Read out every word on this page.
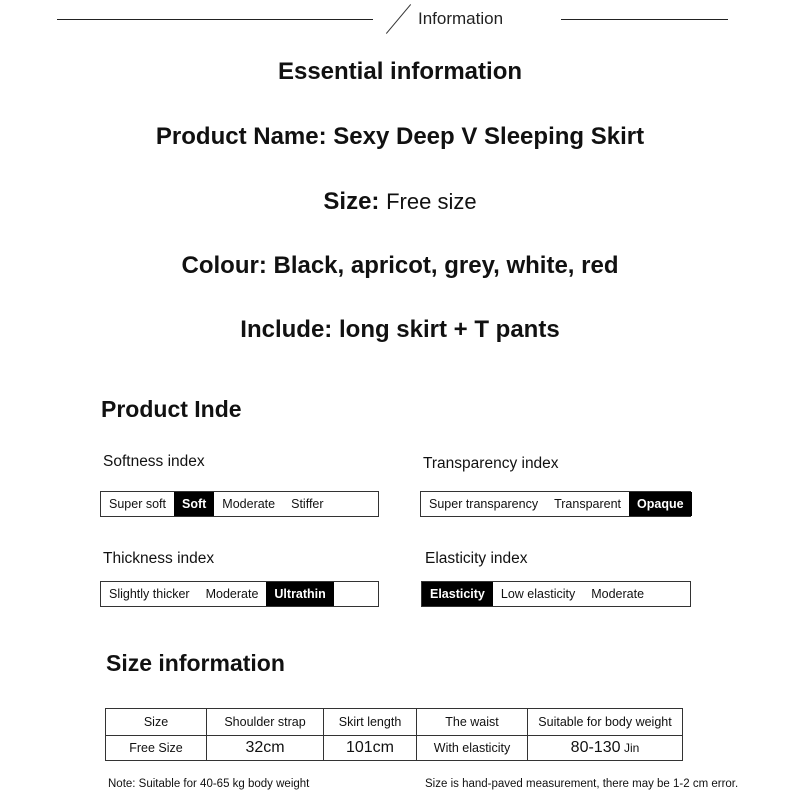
Information
Essential information
Product Name: Sexy Deep V Sleeping Skirt
Size: Free size
Colour: Black, apricot, grey, white, red
Include: long skirt + T pants
Product Inde
Softness index
Super soft	Soft	Moderate	Stiffer
Transparency index
Super transparency	Transparent	Opaque
Thickness index
Slightly thicker	Moderate	Ultrathin
Elasticity index
Elasticity	Low elasticity	Moderate
Size information
Size	Shoulder strap	Skirt length	The waist	Suitable for body weight
Free Size	32cm	101cm	With elasticity	80-130 Jin
Note: Suitable for 40-65 kg body weight	Size is hand-paved measurement, there may be 1-2 cm error.
